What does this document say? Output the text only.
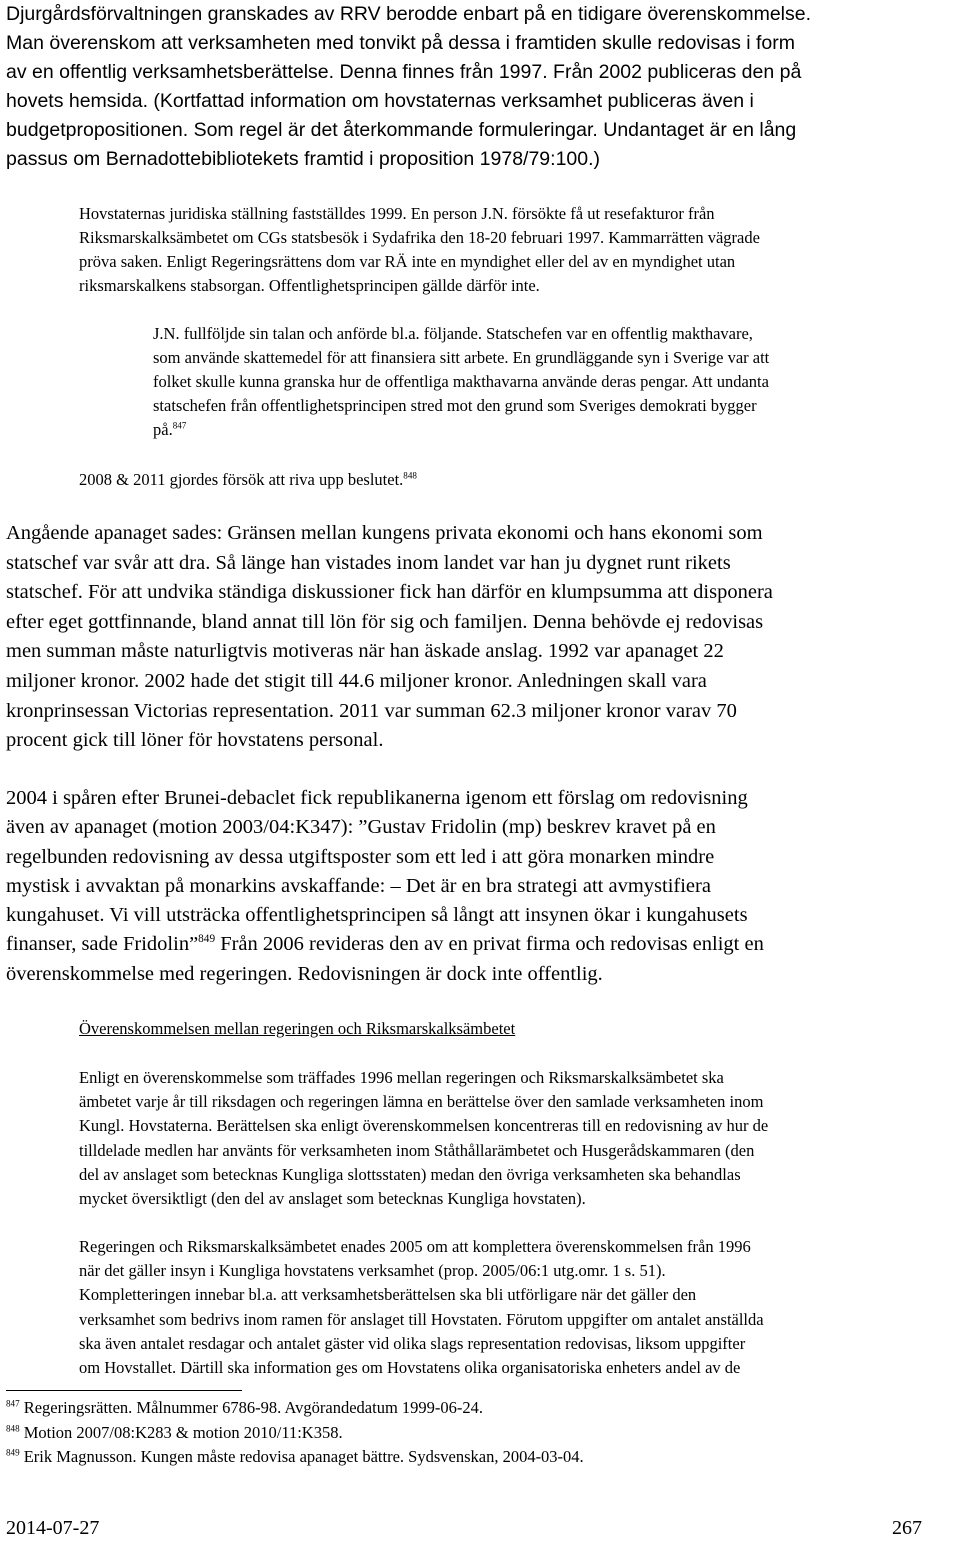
Djurgårdsförvaltningen granskades av RRV berodde enbart på en tidigare överenskommelse.
Man överenskom att verksamheten med tonvikt på dessa i framtiden skulle redovisas i form
av en offentlig verksamhetsberättelse. Denna finnes från 1997. Från 2002 publiceras den på
hovets hemsida. (Kortfattad information om hovstaternas verksamhet publiceras även i
budgetpropositionen. Som regel är det återkommande formuleringar. Undantaget är en lång
passus om Bernadottebibliotekets framtid i proposition 1978/79:100.)

Hovstaternas juridiska ställning fastställdes 1999. En person J.N. försökte få ut resefakturor från
Riksmarskalksämbetet om CGs statsbesök i Sydafrika den 18-20 februari 1997. Kammarrätten vägrade
pröva saken. Enligt Regeringsrättens dom var RÄ inte en myndighet eller del av en myndighet utan
riksmarskalkens stabsorgan. Offentlighetsprincipen gällde därför inte.

J.N. fullföljde sin talan och anförde bl.a. följande. Statschefen var en offentlig makthavare,
som använde skattemedel för att finansiera sitt arbete. En grundläggande syn i Sverige var att
folket skulle kunna granska hur de offentliga makthavarna använde deras pengar. Att undanta
statschefen från offentlighetsprincipen stred mot den grund som Sveriges demokrati bygger
på.$^{847}$

2008 & 2011 gjordes försök att riva upp beslutet.$^{848}$

Angående apanaget sades: Gränsen mellan kungens privata ekonomi och hans ekonomi som
statschef var svår att dra. Så länge han vistades inom landet var han ju dygnet runt rikets
statschef. För att undvika ständiga diskussioner fick han därför en klumpsumma att disponera
efter eget gottfinnande, bland annat till lön för sig och familjen. Denna behövde ej redovisas
men summan måste naturligtvis motiveras när han äskade anslag. 1992 var apanaget 22
miljoner kronor. 2002 hade det stigit till 44.6 miljoner kronor. Anledningen skall vara
kronprinsessan Victorias representation. 2011 var summan 62.3 miljoner kronor varav 70
procent gick till löner för hovstatens personal.

2004 i spåren efter Brunei-debaclet fick republikanerna igenom ett förslag om redovisning
även av apanaget (motion 2003/04:K347): ”Gustav Fridolin (mp) beskrev kravet på en
regelbunden redovisning av dessa utgiftsposter som ett led i att göra monarken mindre
mystisk i avvaktan på monarkins avskaffande: – Det är en bra strategi att avmystifiera
kungahuset. Vi vill utsträcka offentlighetsprincipen så långt att insynen ökar i kungahusets
finanser, sade Fridolin”$^{849}$ Från 2006 revideras den av en privat firma och redovisas enligt en
överenskommelse med regeringen. Redovisningen är dock inte offentlig.

Överenskommelsen mellan regeringen och Riksmarskalksämbetet

Enligt en överenskommelse som träffades 1996 mellan regeringen och Riksmarskalksämbetet ska
ämbetet varje år till riksdagen och regeringen lämna en berättelse över den samlade verksamheten inom
Kungl. Hovstaterna. Berättelsen ska enligt överenskommelsen koncentreras till en redovisning av hur de
tilldelade medlen har använts för verksamheten inom Ståthållarämbetet och Husgerådskammaren (den
del av anslaget som betecknas Kungliga slottsstaten) medan den övriga verksamheten ska behandlas
mycket översiktligt (den del av anslaget som betecknas Kungliga hovstaten).

Regeringen och Riksmarskalksämbetet enades 2005 om att komplettera överenskommelsen från 1996
när det gäller insyn i Kungliga hovstatens verksamhet (prop. 2005/06:1 utg.omr. 1 s. 51).
Kompletteringen innebar bl.a. att verksamhetsberättelsen ska bli utförligare när det gäller den
verksamhet som bedrivs inom ramen för anslaget till Hovstaten. Förutom uppgifter om antalet anställda
ska även antalet resdagar och antalet gäster vid olika slags representation redovisas, liksom uppgifter
om Hovstallet. Därtill ska information ges om Hovstatens olika organisatoriska enheters andel av de

$^{847}$ Regeringsrätten. Målnummer 6786-98. Avgörandedatum 1999-06-24.
$^{848}$ Motion 2007/08:K283 & motion 2010/11:K358.
$^{849}$ Erik Magnusson. Kungen måste redovisa apanaget bättre. Sydsvenskan, 2004-03-04.
2014-07-27	267
